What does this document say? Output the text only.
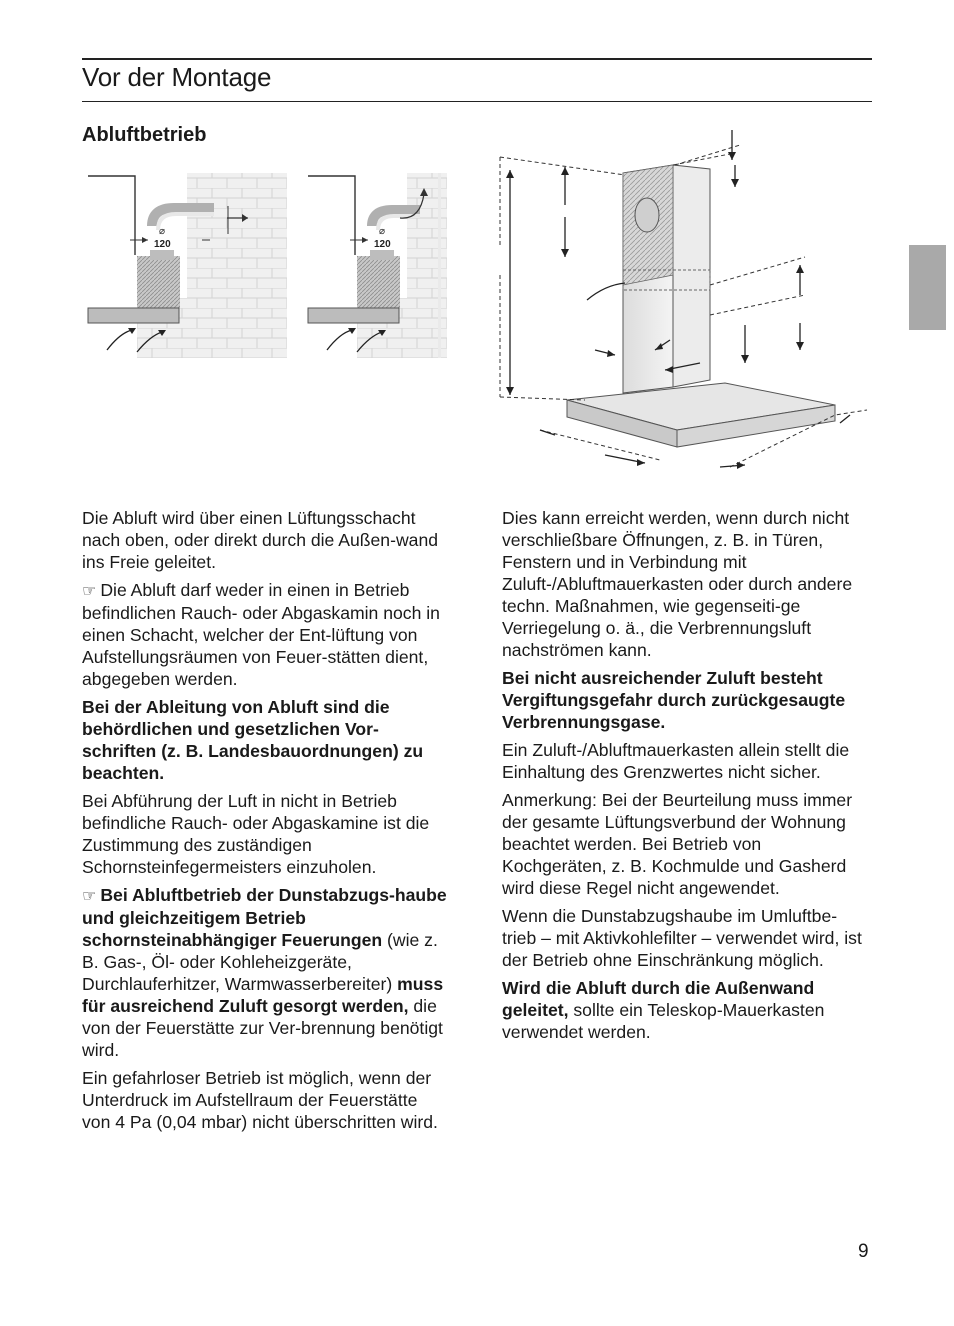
Vor der Montage
Abluftbetrieb
⌀
120
⌀
120

Die Abluft wird über einen Lüftungsschacht nach oben, oder direkt durch die Außen-wand ins Freie geleitet.

☞ Die Abluft darf weder in einen in Betrieb befindlichen Rauch- oder Abgaskamin noch in einen Schacht, welcher der Ent-lüftung von Aufstellungsräumen von Feuer-stätten dient, abgegeben werden.

Bei der Ableitung von Abluft sind die behördlichen und gesetzlichen Vor-schriften (z. B. Landesbauordnungen) zu beachten.

Bei Abführung der Luft in nicht in Betrieb befindliche Rauch- oder Abgaskamine ist die Zustimmung des zuständigen Schornsteinfegermeisters einzuholen.

☞ Bei Abluftbetrieb der Dunstabzugs-haube und gleichzeitigem Betrieb schornsteinabhängiger Feuerungen (wie z. B. Gas-, Öl- oder Kohleheizgeräte, Durchlauferhitzer, Warmwasserbereiter) muss für ausreichend Zuluft gesorgt werden, die von der Feuerstätte zur Ver-brennung benötigt wird.

Ein gefahrloser Betrieb ist möglich, wenn der Unterdruck im Aufstellraum der Feuerstätte von 4 Pa (0,04 mbar) nicht überschritten wird.

Dies kann erreicht werden, wenn durch nicht verschließbare Öffnungen, z. B. in Türen, Fenstern und in Verbindung mit Zuluft-/Abluftmauerkasten oder durch andere techn. Maßnahmen, wie gegenseiti-ge Verriegelung o. ä., die Verbrennungsluft nachströmen kann.

Bei nicht ausreichender Zuluft besteht Vergiftungsgefahr durch zurückgesaugte Verbrennungsgase.

Ein Zuluft-/Abluftmauerkasten allein stellt die Einhaltung des Grenzwertes nicht sicher.

Anmerkung: Bei der Beurteilung muss immer der gesamte Lüftungsverbund der Wohnung beachtet werden. Bei Betrieb von Kochgeräten, z. B. Kochmulde und Gasherd wird diese Regel nicht angewendet.

Wenn die Dunstabzugshaube im Umluftbe-trieb – mit Aktivkohlefilter – verwendet wird, ist der Betrieb ohne Einschränkung möglich.

Wird die Abluft durch die Außenwand geleitet, sollte ein Teleskop-Mauerkasten verwendet werden.

9
